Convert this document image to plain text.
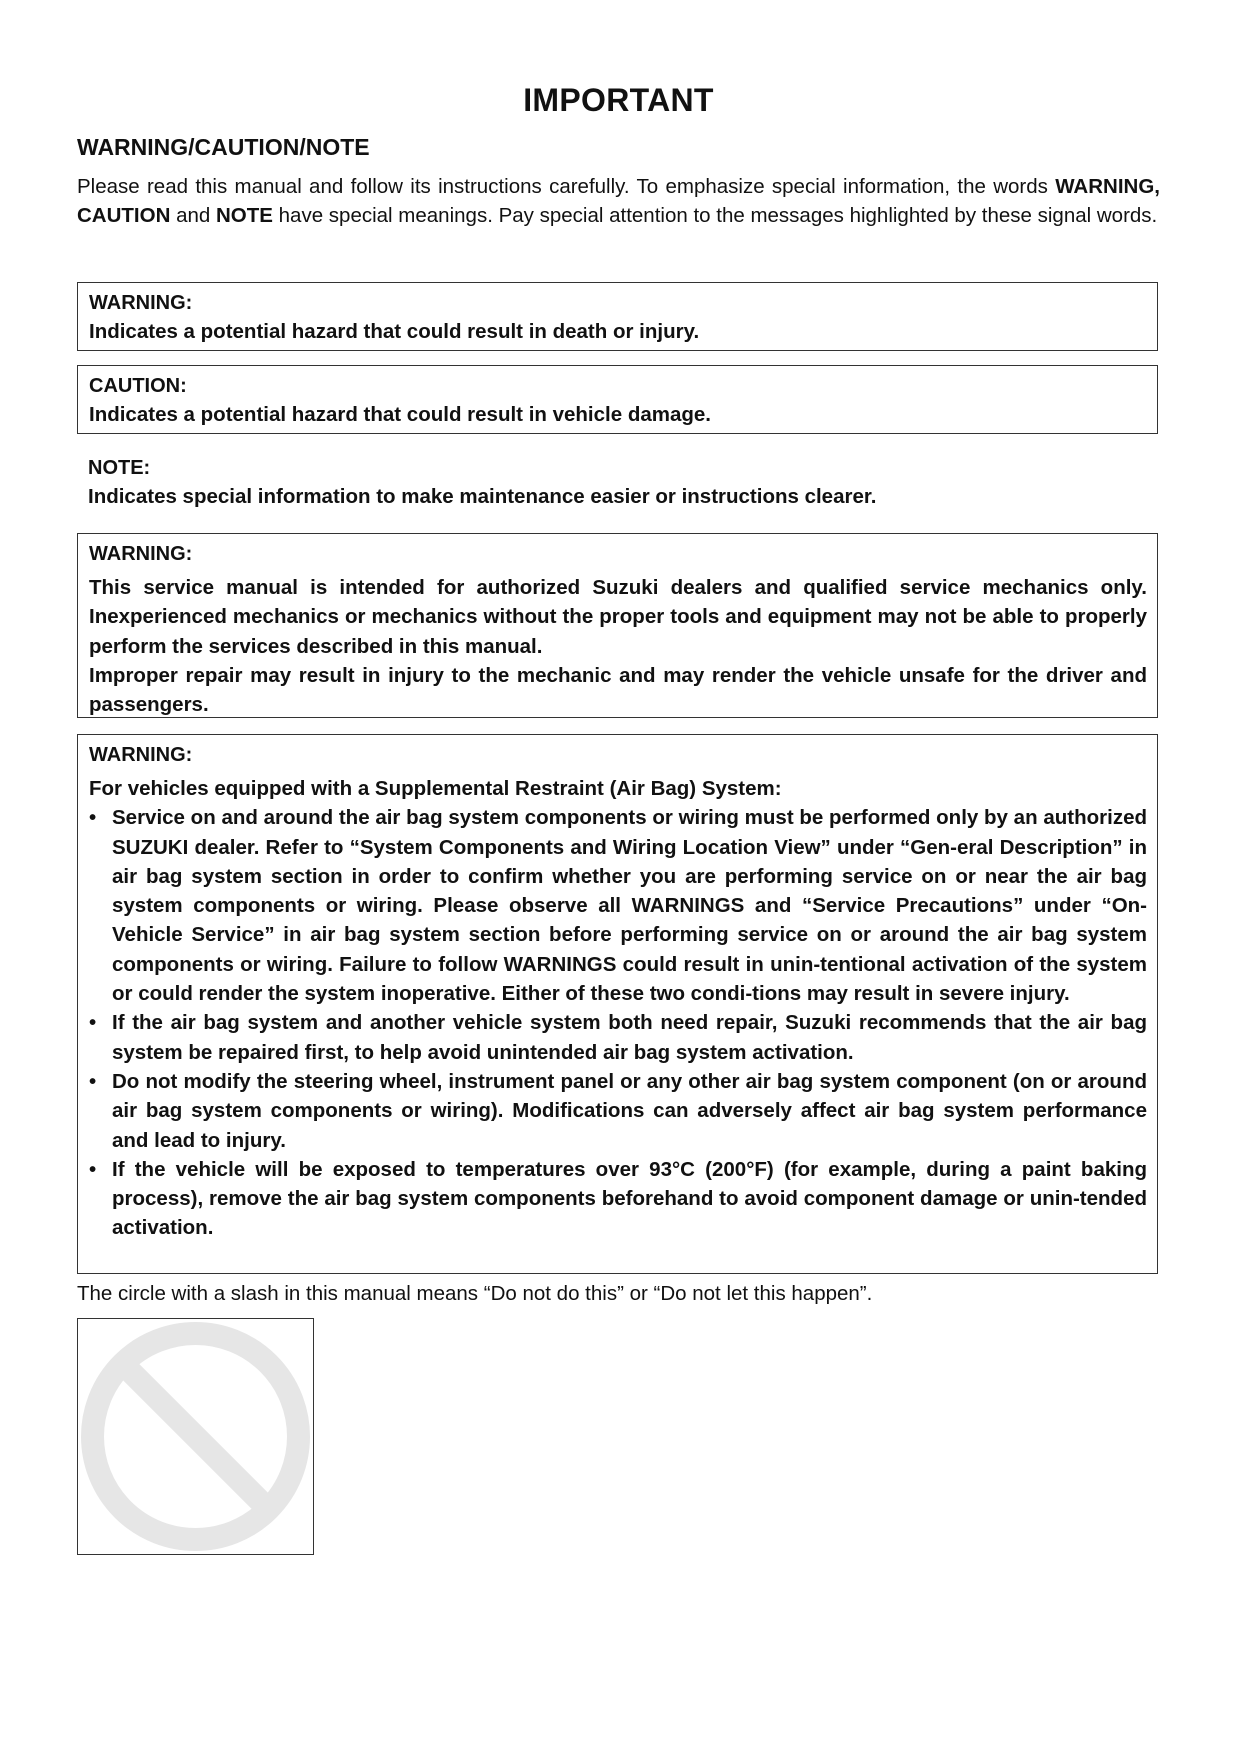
IMPORTANT
WARNING/CAUTION/NOTE
Please read this manual and follow its instructions carefully. To emphasize special information, the words WARNING, CAUTION and NOTE have special meanings. Pay special attention to the messages highlighted by these signal words.
WARNING:
Indicates a potential hazard that could result in death or injury.
CAUTION:
Indicates a potential hazard that could result in vehicle damage.
NOTE:
Indicates special information to make maintenance easier or instructions clearer.
WARNING:
This service manual is intended for authorized Suzuki dealers and qualified service mechanics only. Inexperienced mechanics or mechanics without the proper tools and equipment may not be able to properly perform the services described in this manual.
Improper repair may result in injury to the mechanic and may render the vehicle unsafe for the driver and passengers.
WARNING:
For vehicles equipped with a Supplemental Restraint (Air Bag) System:
• Service on and around the air bag system components or wiring must be performed only by an authorized SUZUKI dealer. Refer to “System Components and Wiring Location View” under “Gen-eral Description” in air bag system section in order to confirm whether you are performing service on or near the air bag system components or wiring. Please observe all WARNINGS and “Service Precautions” under “On-Vehicle Service” in air bag system section before performing service on or around the air bag system components or wiring. Failure to follow WARNINGS could result in unin-tentional activation of the system or could render the system inoperative. Either of these two condi-tions may result in severe injury.
• If the air bag system and another vehicle system both need repair, Suzuki recommends that the air bag system be repaired first, to help avoid unintended air bag system activation.
• Do not modify the steering wheel, instrument panel or any other air bag system component (on or around air bag system components or wiring). Modifications can adversely affect air bag system performance and lead to injury.
• If the vehicle will be exposed to temperatures over 93°C (200°F) (for example, during a paint baking process), remove the air bag system components beforehand to avoid component damage or unin-tended activation.
The circle with a slash in this manual means “Do not do this” or “Do not let this happen”.
